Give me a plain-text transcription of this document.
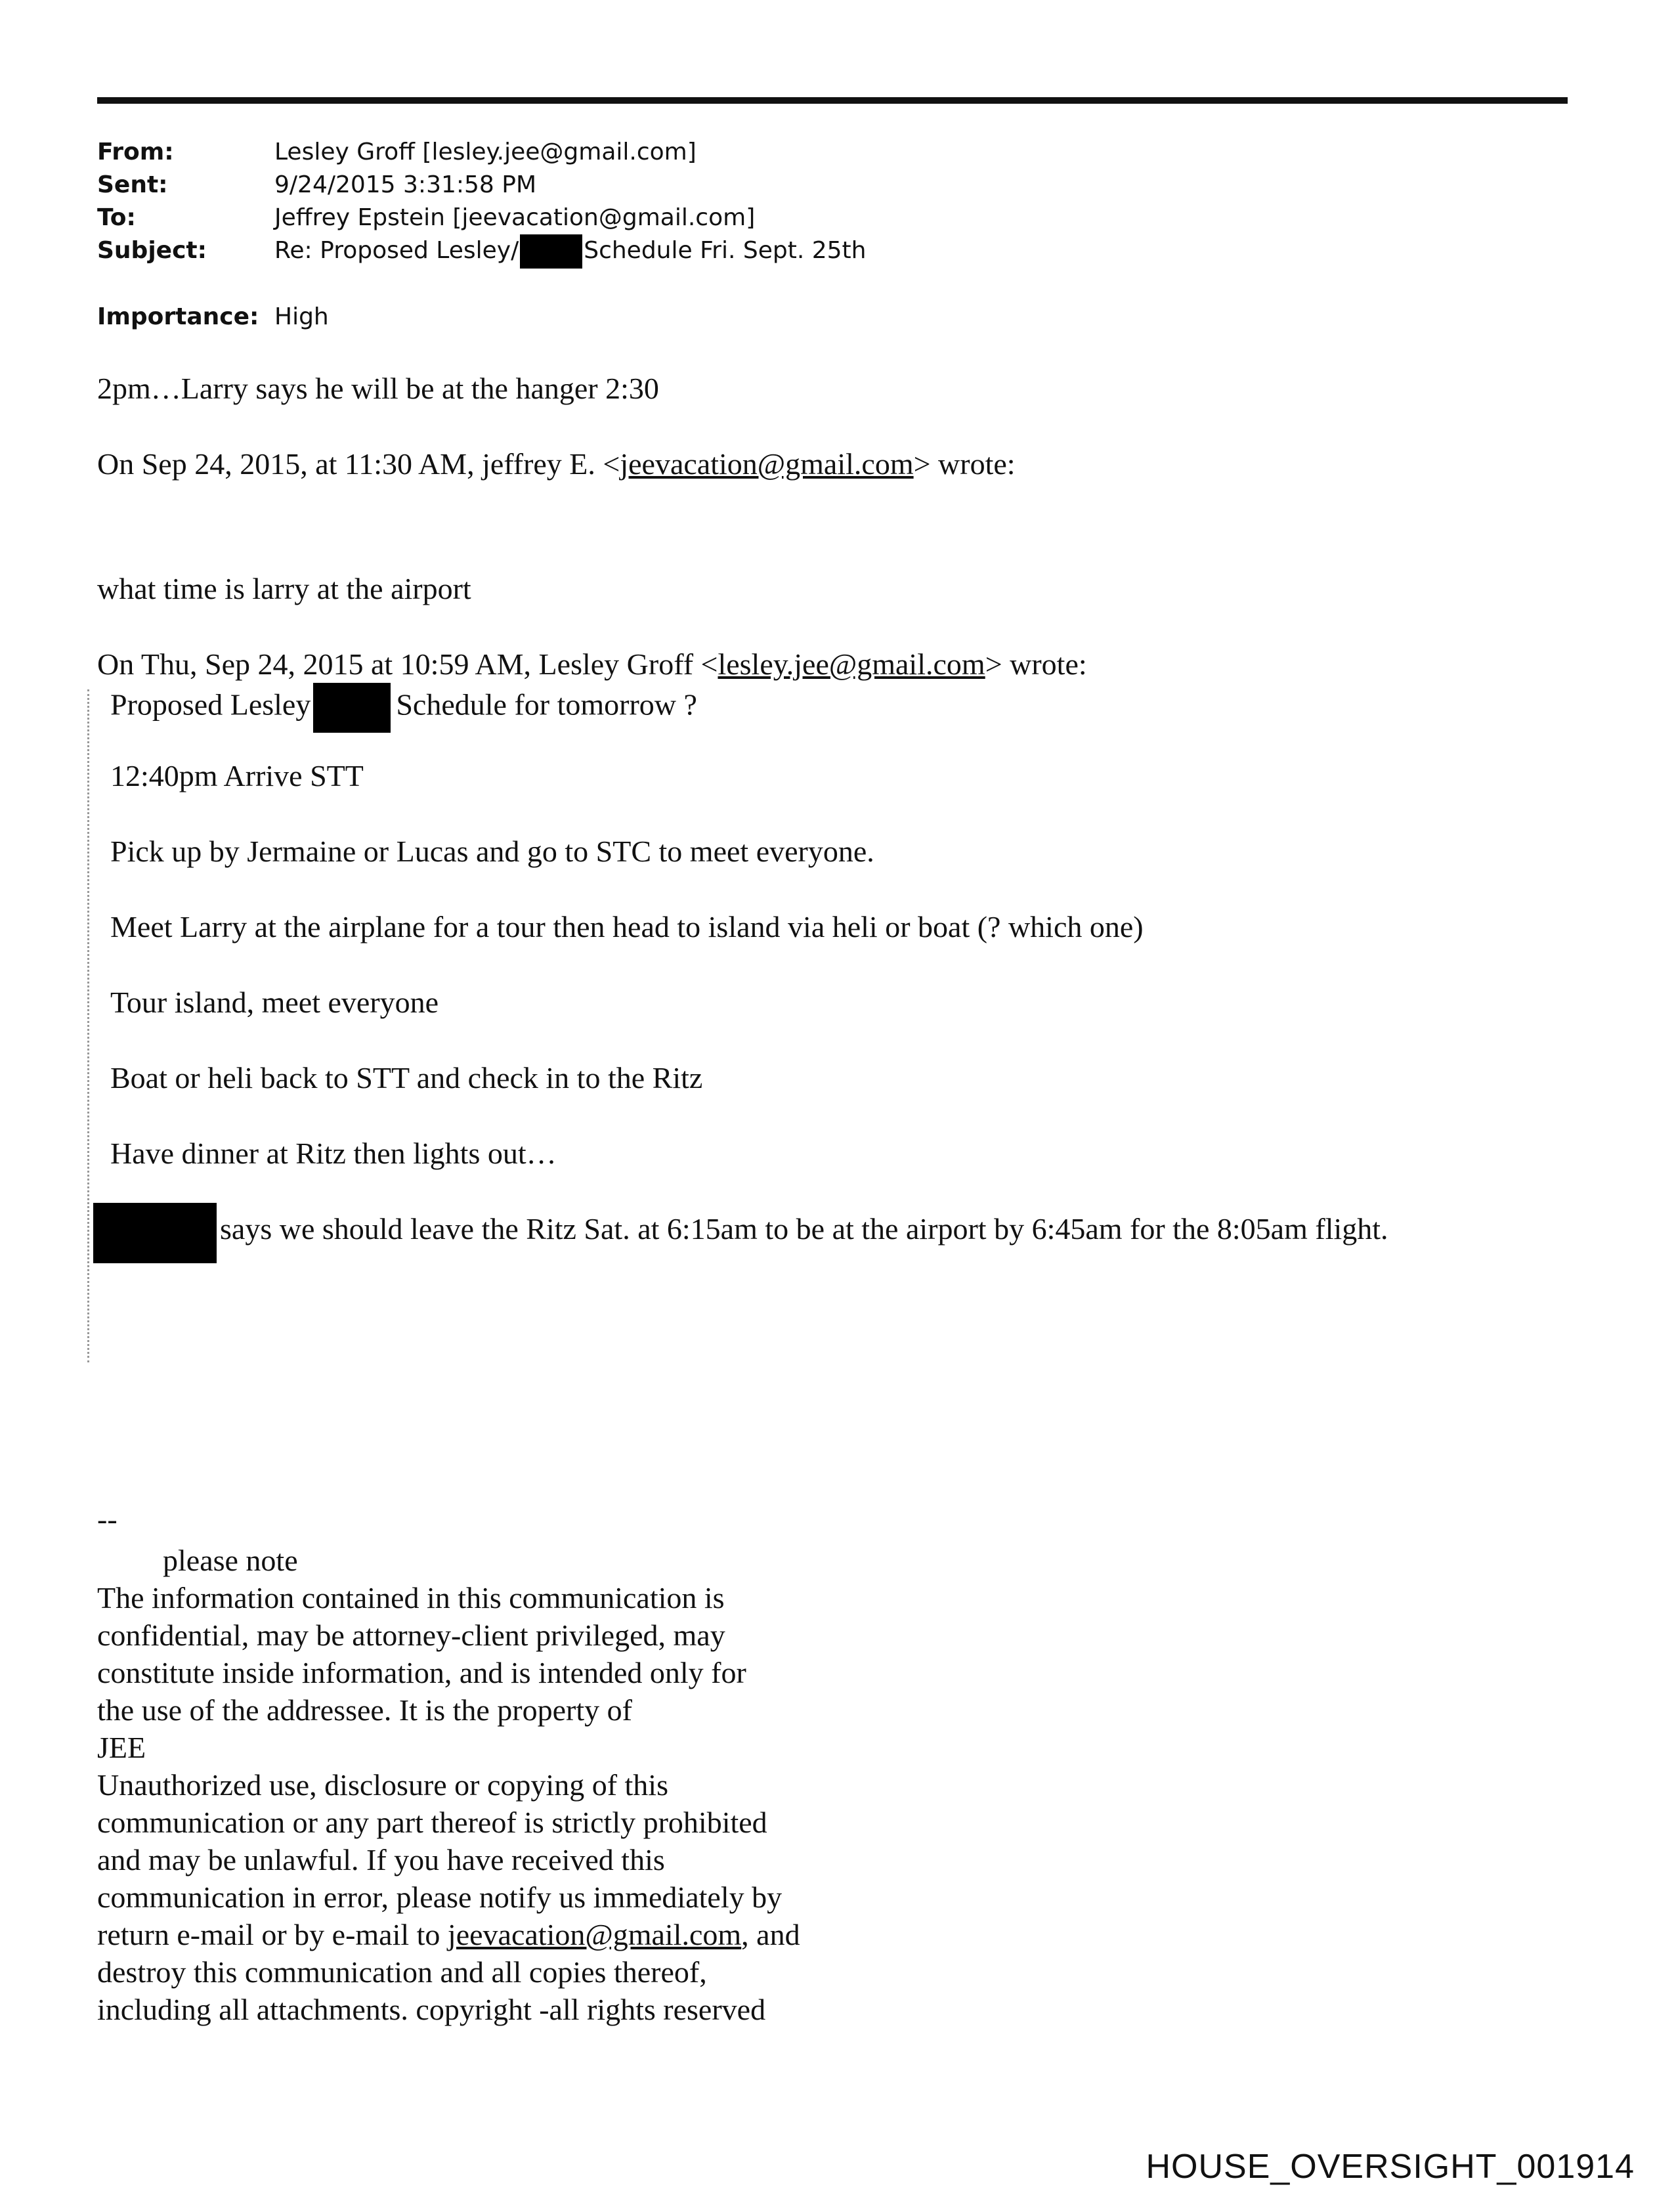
From:	Lesley Groff [lesley.jee@gmail.com]
Sent:	9/24/2015 3:31:58 PM
To:	Jeffrey Epstein [jeevacation@gmail.com]
Subject:	Re: Proposed Lesley/	Schedule Fri. Sept. 25th
Importance: High
2pm…Larry says he will be at the hanger 2:30
On Sep 24, 2015, at 11:30 AM, jeffrey E. <jeevacation@gmail.com> wrote:
what time is larry at the airport
On Thu, Sep 24, 2015 at 10:59 AM, Lesley Groff <lesley.jee@gmail.com> wrote:
Proposed Lesley	Schedule for tomorrow ?
12:40pm Arrive STT
Pick up by Jermaine or Lucas and go to STC to meet everyone.
Meet Larry at the airplane for a tour then head to island via heli or boat (? which one)
Tour island, meet everyone
Boat or heli back to STT and check in to the Ritz
Have dinner at Ritz then lights out…
says we should leave the Ritz Sat. at 6:15am to be at the airport by 6:45am for the 8:05am flight.
--
please note
The information contained in this communication is
confidential, may be attorney-client privileged, may
constitute inside information, and is intended only for
the use of the addressee. It is the property of
JEE
Unauthorized use, disclosure or copying of this
communication or any part thereof is strictly prohibited
and may be unlawful. If you have received this
communication in error, please notify us immediately by
return e-mail or by e-mail to jeevacation@gmail.com, and
destroy this communication and all copies thereof,
including all attachments. copyright -all rights reserved
HOUSE_OVERSIGHT_001914
